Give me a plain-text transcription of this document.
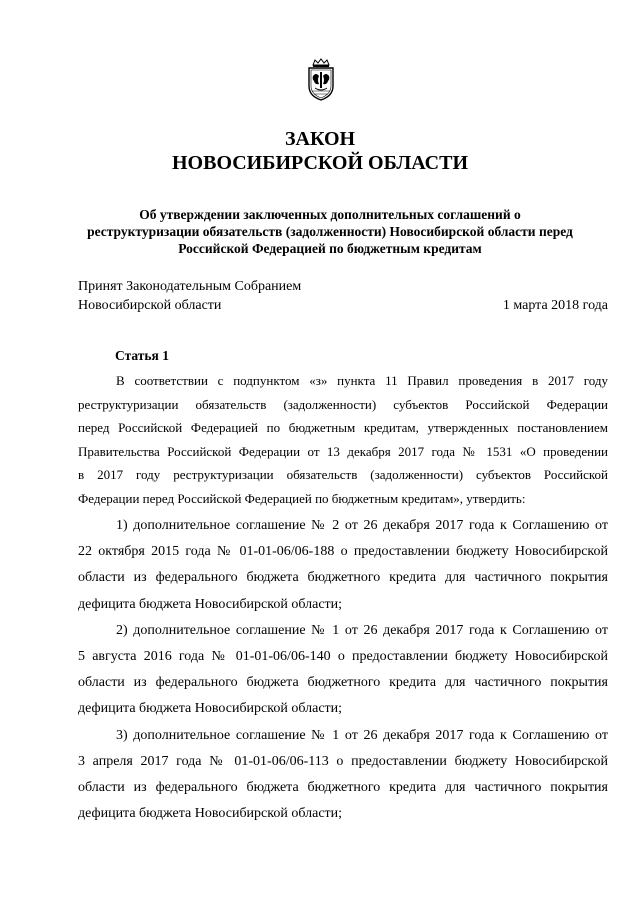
ЗАКОН
НОВОСИБИРСКОЙ ОБЛАСТИ
Об утверждении заключенных дополнительных соглашений о
реструктуризации обязательств (задолженности) Новосибирской области перед
Российской Федерацией по бюджетным кредитам
Принят Законодательным Собранием
Новосибирской области	1 марта 2018 года
Статья 1
В соответствии с подпунктом «з» пункта 11 Правил проведения в 2017 году
реструктуризации обязательств (задолженности) субъектов Российской Федерации
перед Российской Федерацией по бюджетным кредитам, утвержденных постановлением
Правительства Российской Федерации от 13 декабря 2017 года № 1531 «О проведении
в 2017 году реструктуризации обязательств (задолженности) субъектов Российской
Федерации перед Российской Федерацией по бюджетным кредитам», утвердить:
1) дополнительное соглашение № 2 от 26 декабря 2017 года к Соглашению от
22 октября 2015 года № 01-01-06/06-188 о предоставлении бюджету Новосибирской
области из федерального бюджета бюджетного кредита для частичного покрытия
дефицита бюджета Новосибирской области;
2) дополнительное соглашение № 1 от 26 декабря 2017 года к Соглашению от
5 августа 2016 года № 01-01-06/06-140 о предоставлении бюджету Новосибирской
области из федерального бюджета бюджетного кредита для частичного покрытия
дефицита бюджета Новосибирской области;
3) дополнительное соглашение № 1 от 26 декабря 2017 года к Соглашению от
3 апреля 2017 года № 01-01-06/06-113 о предоставлении бюджету Новосибирской
области из федерального бюджета бюджетного кредита для частичного покрытия
дефицита бюджета Новосибирской области;
